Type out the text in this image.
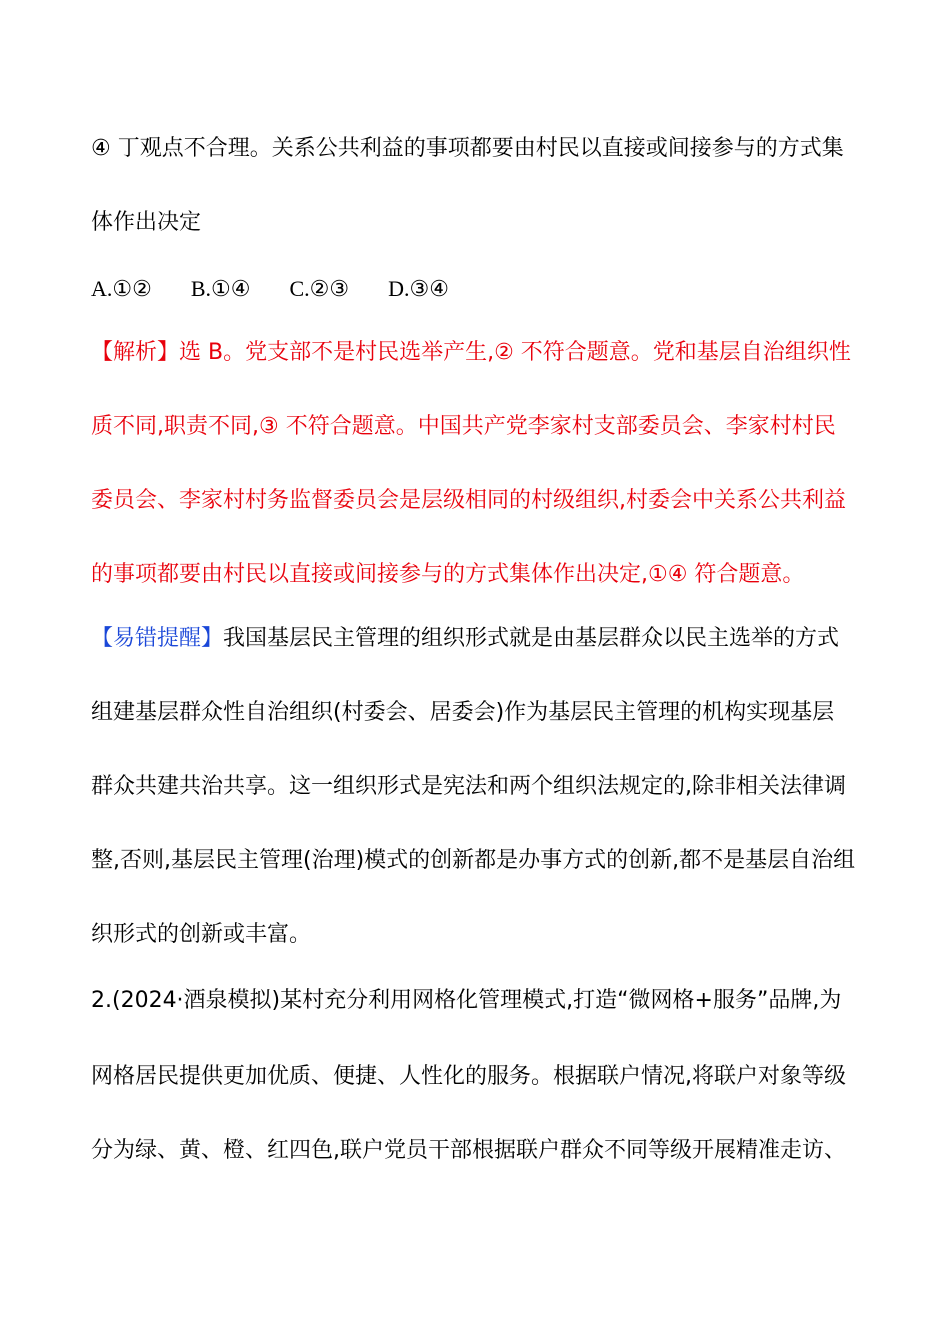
④ 丁观点不合理。关系公共利益的事项都要由村民以直接或间接参与的方式集
体作出决定
A.①② B.①④ C.②③ D.③④
【解析】选 B。党支部不是村民选举产生,② 不符合题意。党和基层自治组织性
质不同,职责不同,③ 不符合题意。中国共产党李家村支部委员会、李家村村民
委员会、李家村村务监督委员会是层级相同的村级组织,村委会中关系公共利益
的事项都要由村民以直接或间接参与的方式集体作出决定,①④ 符合题意。
【易错提醒】我国基层民主管理的组织形式就是由基层群众以民主选举的方式
组建基层群众性自治组织(村委会、居委会)作为基层民主管理的机构实现基层
群众共建共治共享。这一组织形式是宪法和两个组织法规定的,除非相关法律调
整,否则,基层民主管理(治理)模式的创新都是办事方式的创新,都不是基层自治组
织形式的创新或丰富。
2.(2024·酒泉模拟)某村充分利用网格化管理模式,打造“微网格+服务”品牌,为
网格居民提供更加优质、便捷、人性化的服务。根据联户情况,将联户对象等级
分为绿、黄、橙、红四色,联户党员干部根据联户群众不同等级开展精准走访、
